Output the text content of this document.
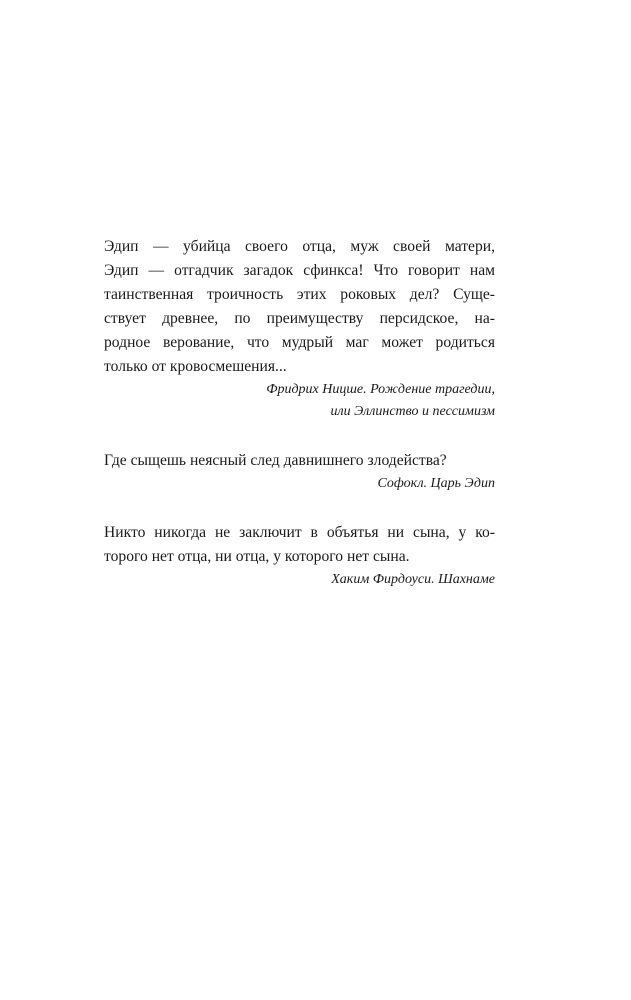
Эдип — убийца своего отца, муж своей матери,
Эдип — отгадчик загадок сфинкса! Что говорит нам
таинственная троичность этих роковых дел? Суще-
ствует древнее, по преимуществу персидское, на-
родное верование, что мудрый маг может родиться
только от кровосмешения...
Фридрих Ницше. Рождение трагедии,
или Эллинство и пессимизм
Где сыщешь неясный след давнишнего злодейства?
Софокл. Царь Эдип
Никто никогда не заключит в объятья ни сына, у ко-
торого нет отца, ни отца, у которого нет сына.
Хаким Фирдоуси. Шахнаме
